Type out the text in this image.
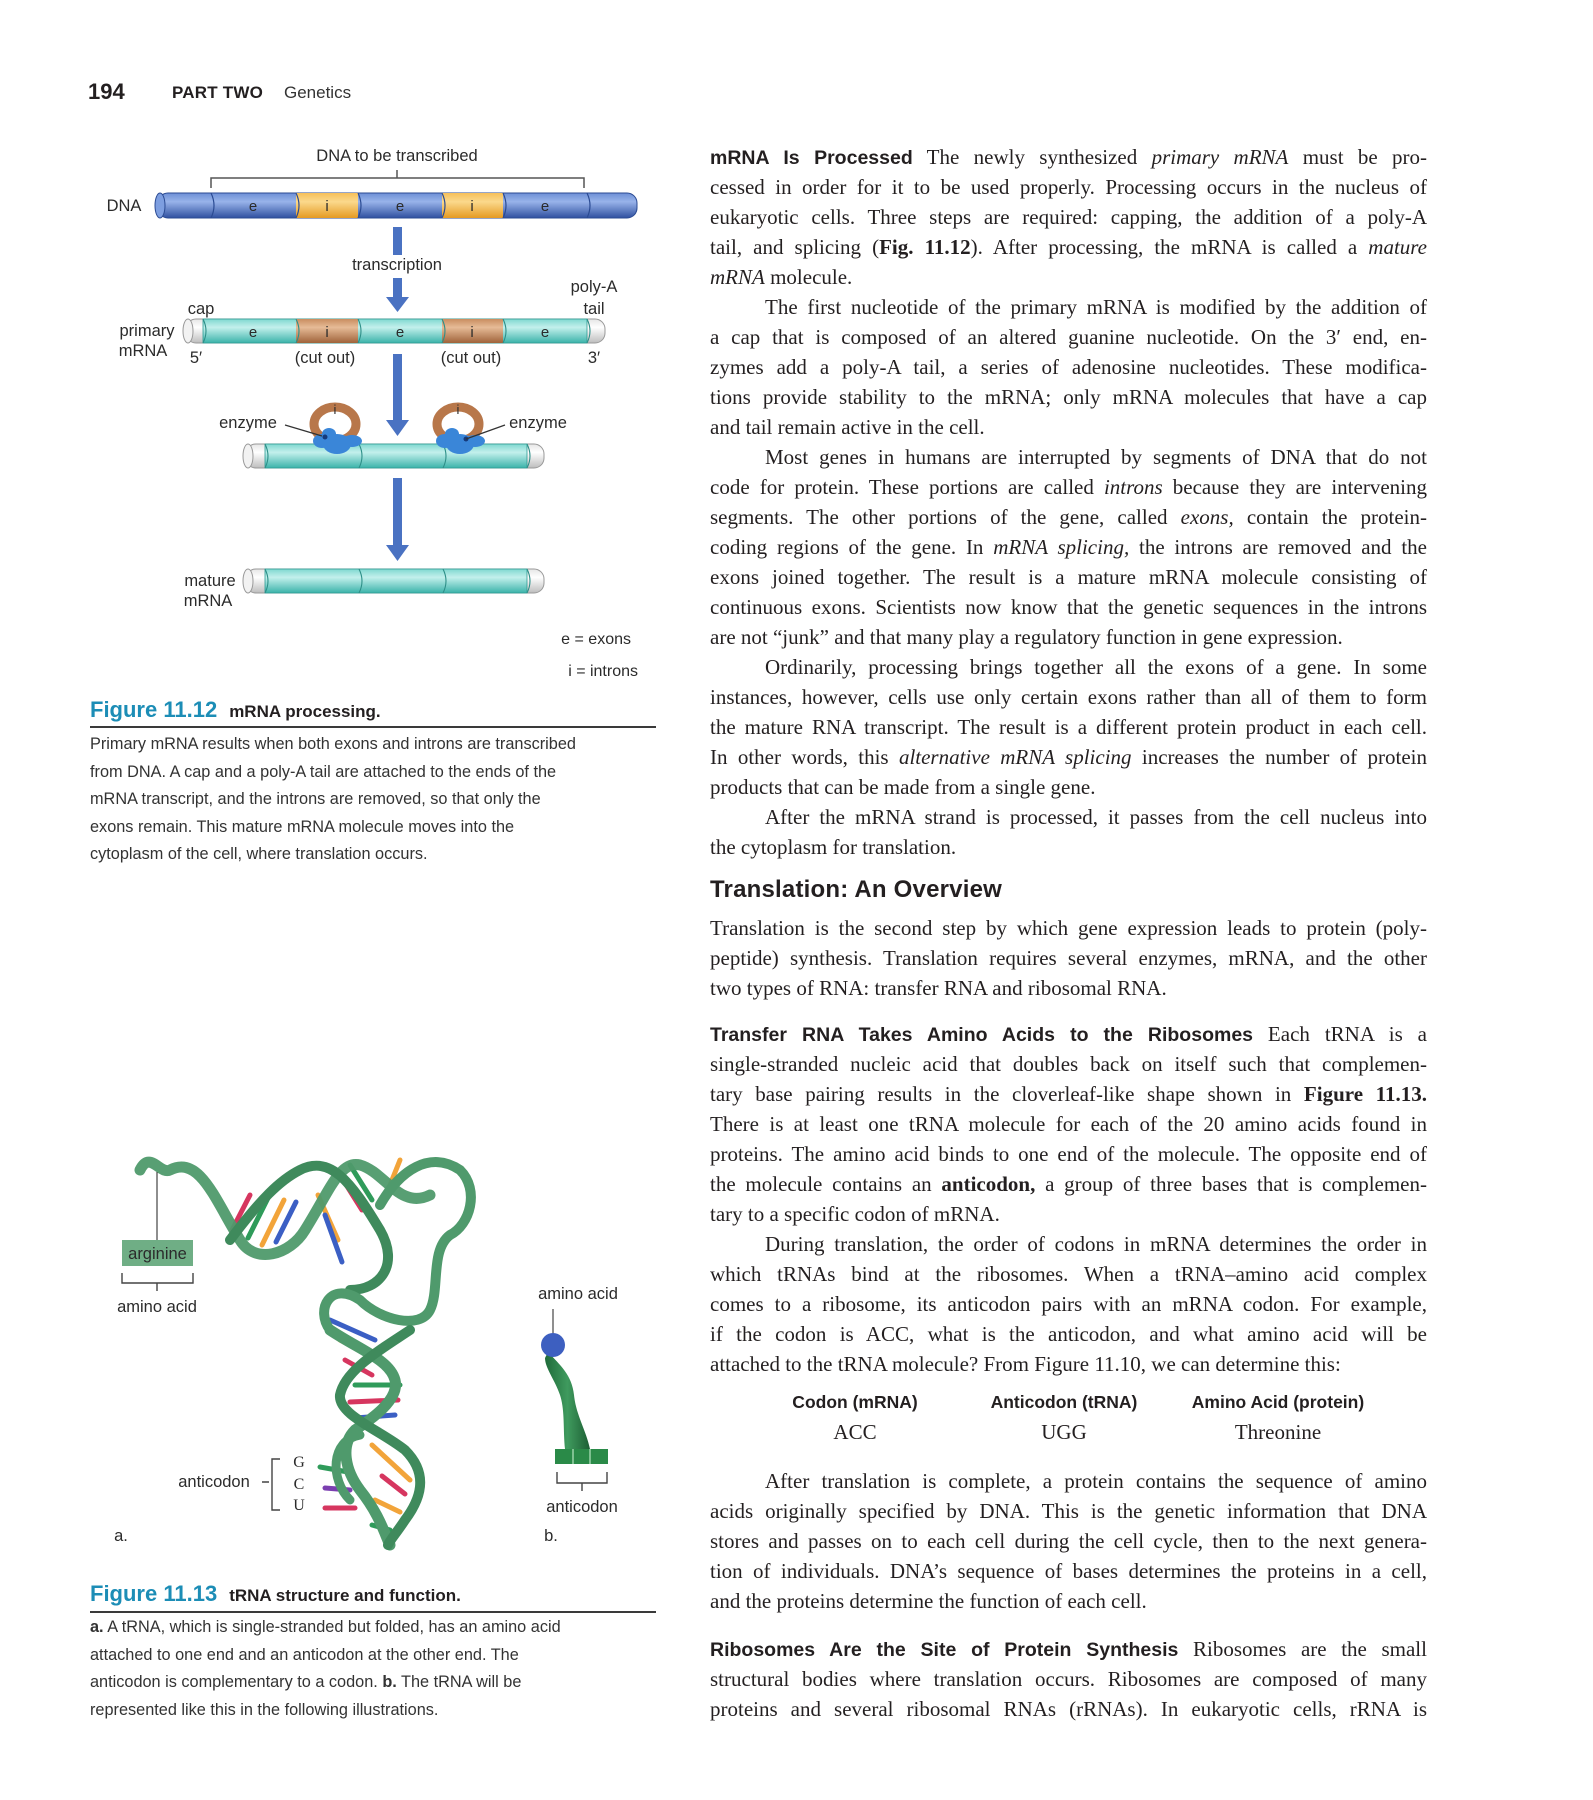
194	PART TWO Genetics
DNA to be transcribed
DNA	e	i	e	i	e
transcription
poly-A
tail
cap
primary
mRNA
e	i	e	i	e
5′	(cut out)	(cut out)	3′
i	i
enzyme	enzyme
mature
mRNA
e = exons
i = introns
arginine
amino acid
anticodon
G
C
U
a.
amino acid
anticodon
b.
Figure 11.12 mRNA processing.
Primary mRNA results when both exons and introns are transcribed
from DNA. A cap and a poly-A tail are attached to the ends of the
mRNA transcript, and the introns are removed, so that only the
exons remain. This mature mRNA molecule moves into the
cytoplasm of the cell, where translation occurs.
Figure 11.13 tRNA structure and function.
a. A tRNA, which is single-stranded but folded, has an amino acid
attached to one end and an anticodon at the other end. The
anticodon is complementary to a codon. b. The tRNA will be
represented like this in the following illustrations.
mRNA Is Processed The newly synthesized primary mRNA must be pro-
cessed in order for it to be used properly. Processing occurs in the nucleus of
eukaryotic cells. Three steps are required: capping, the addition of a poly-A
tail, and splicing (Fig. 11.12). After processing, the mRNA is called a mature
mRNA molecule.
The first nucleotide of the primary mRNA is modified by the addition of
a cap that is composed of an altered guanine nucleotide. On the 3′ end, en-
zymes add a poly-A tail, a series of adenosine nucleotides. These modifica-
tions provide stability to the mRNA; only mRNA molecules that have a cap
and tail remain active in the cell.
Most genes in humans are interrupted by segments of DNA that do not
code for protein. These portions are called introns because they are intervening
segments. The other portions of the gene, called exons, contain the protein-
coding regions of the gene. In mRNA splicing, the introns are removed and the
exons joined together. The result is a mature mRNA molecule consisting of
continuous exons. Scientists now know that the genetic sequences in the introns
are not “junk” and that many play a regulatory function in gene expression.
Ordinarily, processing brings together all the exons of a gene. In some
instances, however, cells use only certain exons rather than all of them to form
the mature RNA transcript. The result is a different protein product in each cell.
In other words, this alternative mRNA splicing increases the number of protein
products that can be made from a single gene.
After the mRNA strand is processed, it passes from the cell nucleus into
the cytoplasm for translation.
Translation: An Overview
Translation is the second step by which gene expression leads to protein (poly-
peptide) synthesis. Translation requires several enzymes, mRNA, and the other
two types of RNA: transfer RNA and ribosomal RNA.
Transfer RNA Takes Amino Acids to the Ribosomes Each tRNA is a
single-stranded nucleic acid that doubles back on itself such that complemen-
tary base pairing results in the cloverleaf-like shape shown in Figure 11.13.
There is at least one tRNA molecule for each of the 20 amino acids found in
proteins. The amino acid binds to one end of the molecule. The opposite end of
the molecule contains an anticodon, a group of three bases that is complemen-
tary to a specific codon of mRNA.
During translation, the order of codons in mRNA determines the order in
which tRNAs bind at the ribosomes. When a tRNA–amino acid complex
comes to a ribosome, its anticodon pairs with an mRNA codon. For example,
if the codon is ACC, what is the anticodon, and what amino acid will be
attached to the tRNA molecule? From Figure 11.10, we can determine this:
Codon (mRNA)	Anticodon (tRNA)	Amino Acid (protein)
ACC	UGG	Threonine
After translation is complete, a protein contains the sequence of amino
acids originally specified by DNA. This is the genetic information that DNA
stores and passes on to each cell during the cell cycle, then to the next genera-
tion of individuals. DNA’s sequence of bases determines the proteins in a cell,
and the proteins determine the function of each cell.
Ribosomes Are the Site of Protein Synthesis Ribosomes are the small
structural bodies where translation occurs. Ribosomes are composed of many
proteins and several ribosomal RNAs (rRNAs). In eukaryotic cells, rRNA is
